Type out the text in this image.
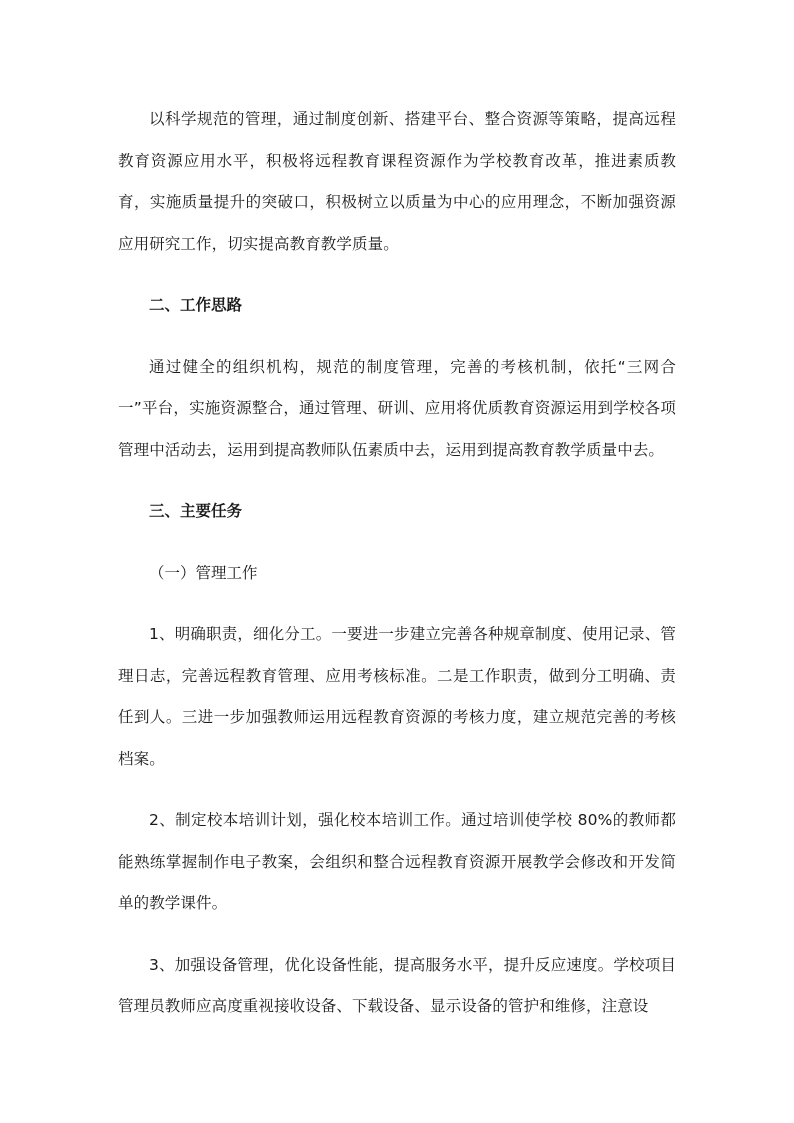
以科学规范的管理，通过制度创新、搭建平台、整合资源等策略，提高远程教育资源应用水平，积极将远程教育课程资源作为学校教育改革，推进素质教育，实施质量提升的突破口，积极树立以质量为中心的应用理念，不断加强资源应用研究工作，切实提高教育教学质量。

二、工作思路

通过健全的组织机构，规范的制度管理，完善的考核机制，依托“三网合一”平台，实施资源整合，通过管理、研训、应用将优质教育资源运用到学校各项管理中活动去，运用到提高教师队伍素质中去，运用到提高教育教学质量中去。

三、主要任务

（一）管理工作

1、明确职责，细化分工。一要进一步建立完善各种规章制度、使用记录、管理日志，完善远程教育管理、应用考核标准。二是工作职责，做到分工明确、责任到人。三进一步加强教师运用远程教育资源的考核力度，建立规范完善的考核档案。

2、制定校本培训计划，强化校本培训工作。通过培训使学校 80%的教师都能熟练掌握制作电子教案，会组织和整合远程教育资源开展教学会修改和开发简单的教学课件。

3、加强设备管理，优化设备性能，提高服务水平，提升反应速度。学校项目管理员教师应高度重视接收设备、下载设备、显示设备的管护和维修，注意设
